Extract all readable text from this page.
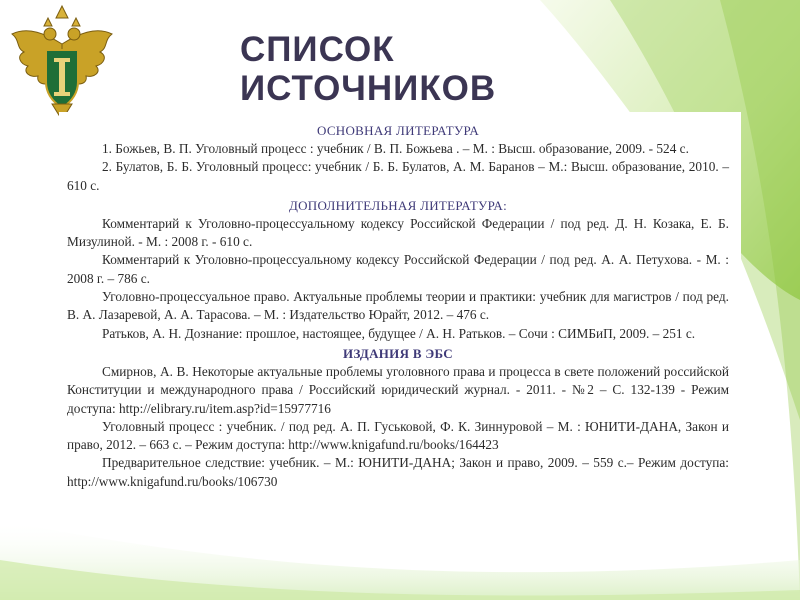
СПИСОК
ИСТОЧНИКОВ
ОСНОВНАЯ ЛИТЕРАТУРА

1. Божьев, В. П. Уголовный процесс : учебник / В. П. Божьева . – М. : Высш. образование, 2009. - 524 с.

2. Булатов, Б. Б. Уголовный процесс: учебник / Б. Б. Булатов, А. М. Баранов – М.: Высш. образование, 2010. – 610 с.

ДОПОЛНИТЕЛЬНАЯ ЛИТЕРАТУРА:

Комментарий к Уголовно-процессуальному кодексу Российской Федерации / под ред. Д. Н. Козака, Е. Б. Мизулиной. - М. : 2008 г. - 610 с.

Комментарий к Уголовно-процессуальному кодексу Российской Федерации / под ред. А. А. Петухова. - М. : 2008 г. – 786 с.

Уголовно-процессуальное право. Актуальные проблемы теории и практики: учебник для магистров / под ред. В. А. Лазаревой, А. А. Тарасова. – М. : Издательство Юрайт, 2012. – 476 с.

Ратьков, А. Н. Дознание: прошлое, настоящее, будущее / А. Н. Ратьков. – Сочи : СИМБиП, 2009. – 251 с.

ИЗДАНИЯ В ЭБС

Смирнов, А. В. Некоторые актуальные проблемы уголовного права и процесса в свете положений российской Конституции и международного права / Российский юридический журнал. - 2011. - №2 – С. 132-139 - Режим доступа: http://elibrary.ru/item.asp?id=15977716

Уголовный процесс : учебник. / под ред. А. П. Гуськовой, Ф. К. Зиннуровой – М. : ЮНИТИ-ДАНА, Закон и право, 2012. – 663 с. – Режим доступа: http://www.knigafund.ru/books/164423

Предварительное следствие: учебник. – М.: ЮНИТИ-ДАНА; Закон и право, 2009. – 559 с.– Режим доступа: http://www.knigafund.ru/books/106730
